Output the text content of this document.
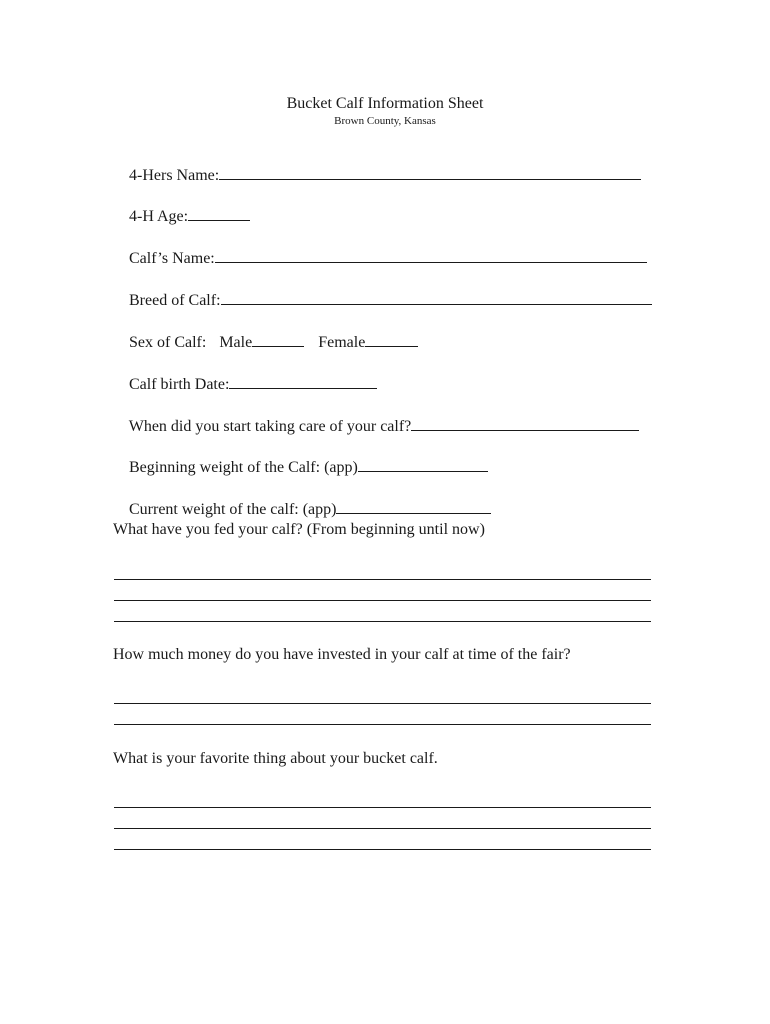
Bucket Calf Information Sheet
Brown County, Kansas

4-Hers Name:

4-H Age:

Calf’s Name:

Breed of Calf:

Sex of Calf: Male	Female

Calf birth Date:

When did you start taking care of your calf?

Beginning weight of the Calf: (app)

Current weight of the calf: (app)

What have you fed your calf? (From beginning until now)
How much money do you have invested in your calf at time of the fair?
What is your favorite thing about your bucket calf.
